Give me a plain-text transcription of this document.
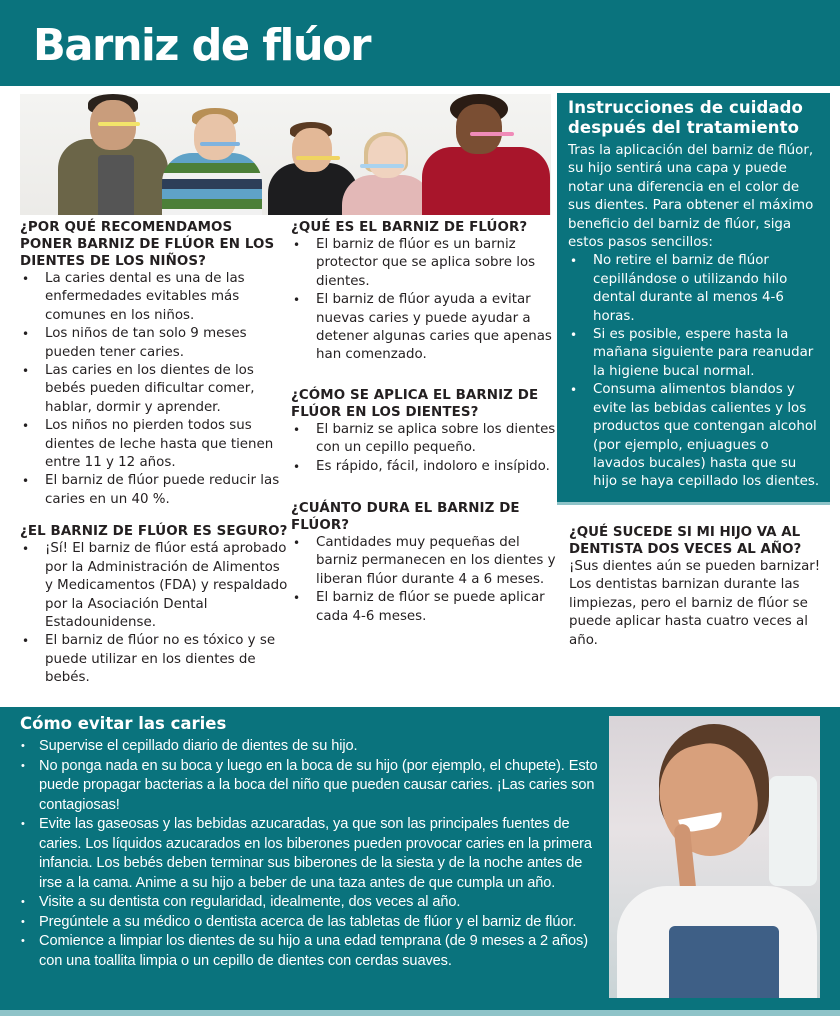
Barniz de flúor
¿POR QUÉ RECOMENDAMOS PONER BARNIZ DE FLÚOR EN LOS DIENTES DE LOS NIÑOS?
• La caries dental es una de las enfermedades evitables más comunes en los niños.
• Los niños de tan solo 9 meses pueden tener caries.
• Las caries en los dientes de los bebés pueden dificultar comer, hablar, dormir y aprender.
• Los niños no pierden todos sus dientes de leche hasta que tienen entre 11 y 12 años.
• El barniz de flúor puede reducir las caries en un 40 %.
¿EL BARNIZ DE FLÚOR ES SEGURO?
• ¡Sí! El barniz de flúor está aprobado por la Administración de Alimentos y Medicamentos (FDA) y respaldado por la Asociación Dental Estadounidense.
• El barniz de flúor no es tóxico y se puede utilizar en los dientes de bebés.
¿QUÉ ES EL BARNIZ DE FLÚOR?
• El barniz de flúor es un barniz protector que se aplica sobre los dientes.
• El barniz de flúor ayuda a evitar nuevas caries y puede ayudar a detener algunas caries que apenas han comenzado.
¿CÓMO SE APLICA EL BARNIZ DE FLÚOR EN LOS DIENTES?
• El barniz se aplica sobre los dientes con un cepillo pequeño.
• Es rápido, fácil, indoloro e insípido.
¿CUÁNTO DURA EL BARNIZ DE FLÚOR?
• Cantidades muy pequeñas del barniz permanecen en los dientes y liberan flúor durante 4 a 6 meses.
• El barniz de flúor se puede aplicar cada 4-6 meses.
Instrucciones de cuidado después del tratamiento

Tras la aplicación del barniz de flúor, su hijo sentirá una capa y puede notar una diferencia en el color de sus dientes. Para obtener el máximo beneficio del barniz de flúor, siga estos pasos sencillos:

• No retire el barniz de flúor cepillándose o utilizando hilo dental durante al menos 4-6 horas.
• Si es posible, espere hasta la mañana siguiente para reanudar la higiene bucal normal.
• Consuma alimentos blandos y evite las bebidas calientes y los productos que contengan alcohol (por ejemplo, enjuagues o lavados bucales) hasta que su hijo se haya cepillado los dientes.
¿QUÉ SUCEDE SI MI HIJO VA AL DENTISTA DOS VECES AL AÑO?

¡Sus dientes aún se pueden barnizar! Los dentistas barnizan durante las limpiezas, pero el barniz de flúor se puede aplicar hasta cuatro veces al año.

Cómo evitar las caries
• Supervise el cepillado diario de dientes de su hijo.
• No ponga nada en su boca y luego en la boca de su hijo (por ejemplo, el chupete). Esto puede propagar bacterias a la boca del niño que pueden causar caries. ¡Las caries son contagiosas!
• Evite las gaseosas y las bebidas azucaradas, ya que son las principales fuentes de caries. Los líquidos azucarados en los biberones pueden provocar caries en la primera infancia. Los bebés deben terminar sus biberones de la siesta y de la noche antes de irse a la cama. Anime a su hijo a beber de una taza antes de que cumpla un año.
• Visite a su dentista con regularidad, idealmente, dos veces al año.
• Pregúntele a su médico o dentista acerca de las tabletas de flúor y el barniz de flúor.
• Comience a limpiar los dientes de su hijo a una edad temprana (de 9 meses a 2 años) con una toallita limpia o un cepillo de dientes con cerdas suaves.
